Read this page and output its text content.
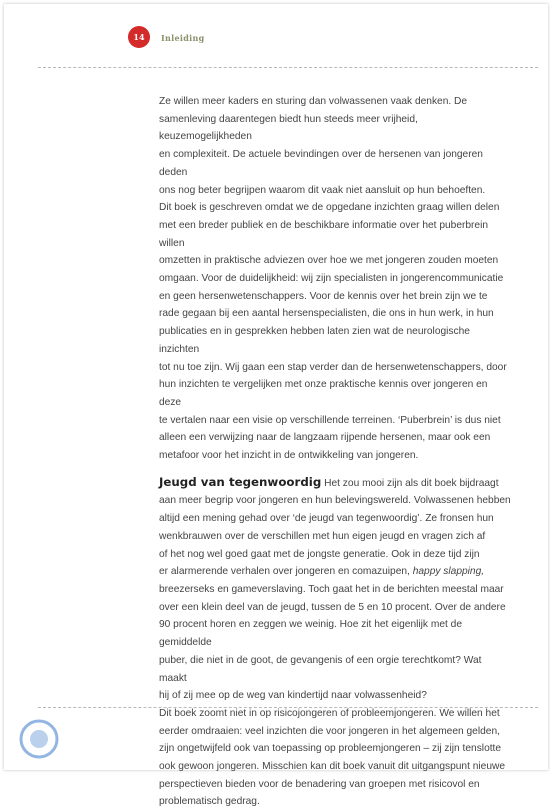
14	Inleiding
Ze willen meer kaders en sturing dan volwassenen vaak denken. De
samenleving daarentegen biedt hun steeds meer vrijheid, keuzemogelijkheden
en complexiteit. De actuele bevindingen over de hersenen van jongeren deden
ons nog beter begrijpen waarom dit vaak niet aansluit op hun behoeften.
Dit boek is geschreven omdat we de opgedane inzichten graag willen delen
met een breder publiek en de beschikbare informatie over het puberbrein willen
omzetten in praktische adviezen over hoe we met jongeren zouden moeten
omgaan. Voor de duidelijkheid: wij zijn specialisten in jongerencommunicatie
en geen hersenwetenschappers. Voor de kennis over het brein zijn we te
rade gegaan bij een aantal hersenspecialisten, die ons in hun werk, in hun
publicaties en in gesprekken hebben laten zien wat de neurologische inzichten
tot nu toe zijn. Wij gaan een stap verder dan de hersenwetenschappers, door
hun inzichten te vergelijken met onze praktische kennis over jongeren en deze
te vertalen naar een visie op verschillende terreinen. ‘Puberbrein’ is dus niet
alleen een verwijzing naar de langzaam rijpende hersenen, maar ook een
metafoor voor het inzicht in de ontwikkeling van jongeren.
Jeugd van tegenwoordig Het zou mooi zijn als dit boek bijdraagt
aan meer begrip voor jongeren en hun belevingswereld. Volwassenen hebben
altijd een mening gehad over ‘de jeugd van tegenwoordig’. Ze fronsen hun
wenkbrauwen over de verschillen met hun eigen jeugd en vragen zich af
of het nog wel goed gaat met de jongste generatie. Ook in deze tijd zijn
er alarmerende verhalen over jongeren en comazuipen, happy slapping,
breezerseks en gameverslaving. Toch gaat het in de berichten meestal maar
over een klein deel van de jeugd, tussen de 5 en 10 procent. Over de andere
90 procent horen en zeggen we weinig. Hoe zit het eigenlijk met de gemiddelde
puber, die niet in de goot, de gevangenis of een orgie terechtkomt? Wat maakt
hij of zij mee op de weg van kindertijd naar volwassenheid?
Dit boek zoomt niet in op risicojongeren of probleemjongeren. We willen het
eerder omdraaien: veel inzichten die voor jongeren in het algemeen gelden,
zijn ongetwijfeld ook van toepassing op probleemjongeren – zij zijn tenslotte
ook gewoon jongeren. Misschien kan dit boek vanuit dit uitgangspunt nieuwe
perspectieven bieden voor de benadering van groepen met risicovol en
problematisch gedrag.
